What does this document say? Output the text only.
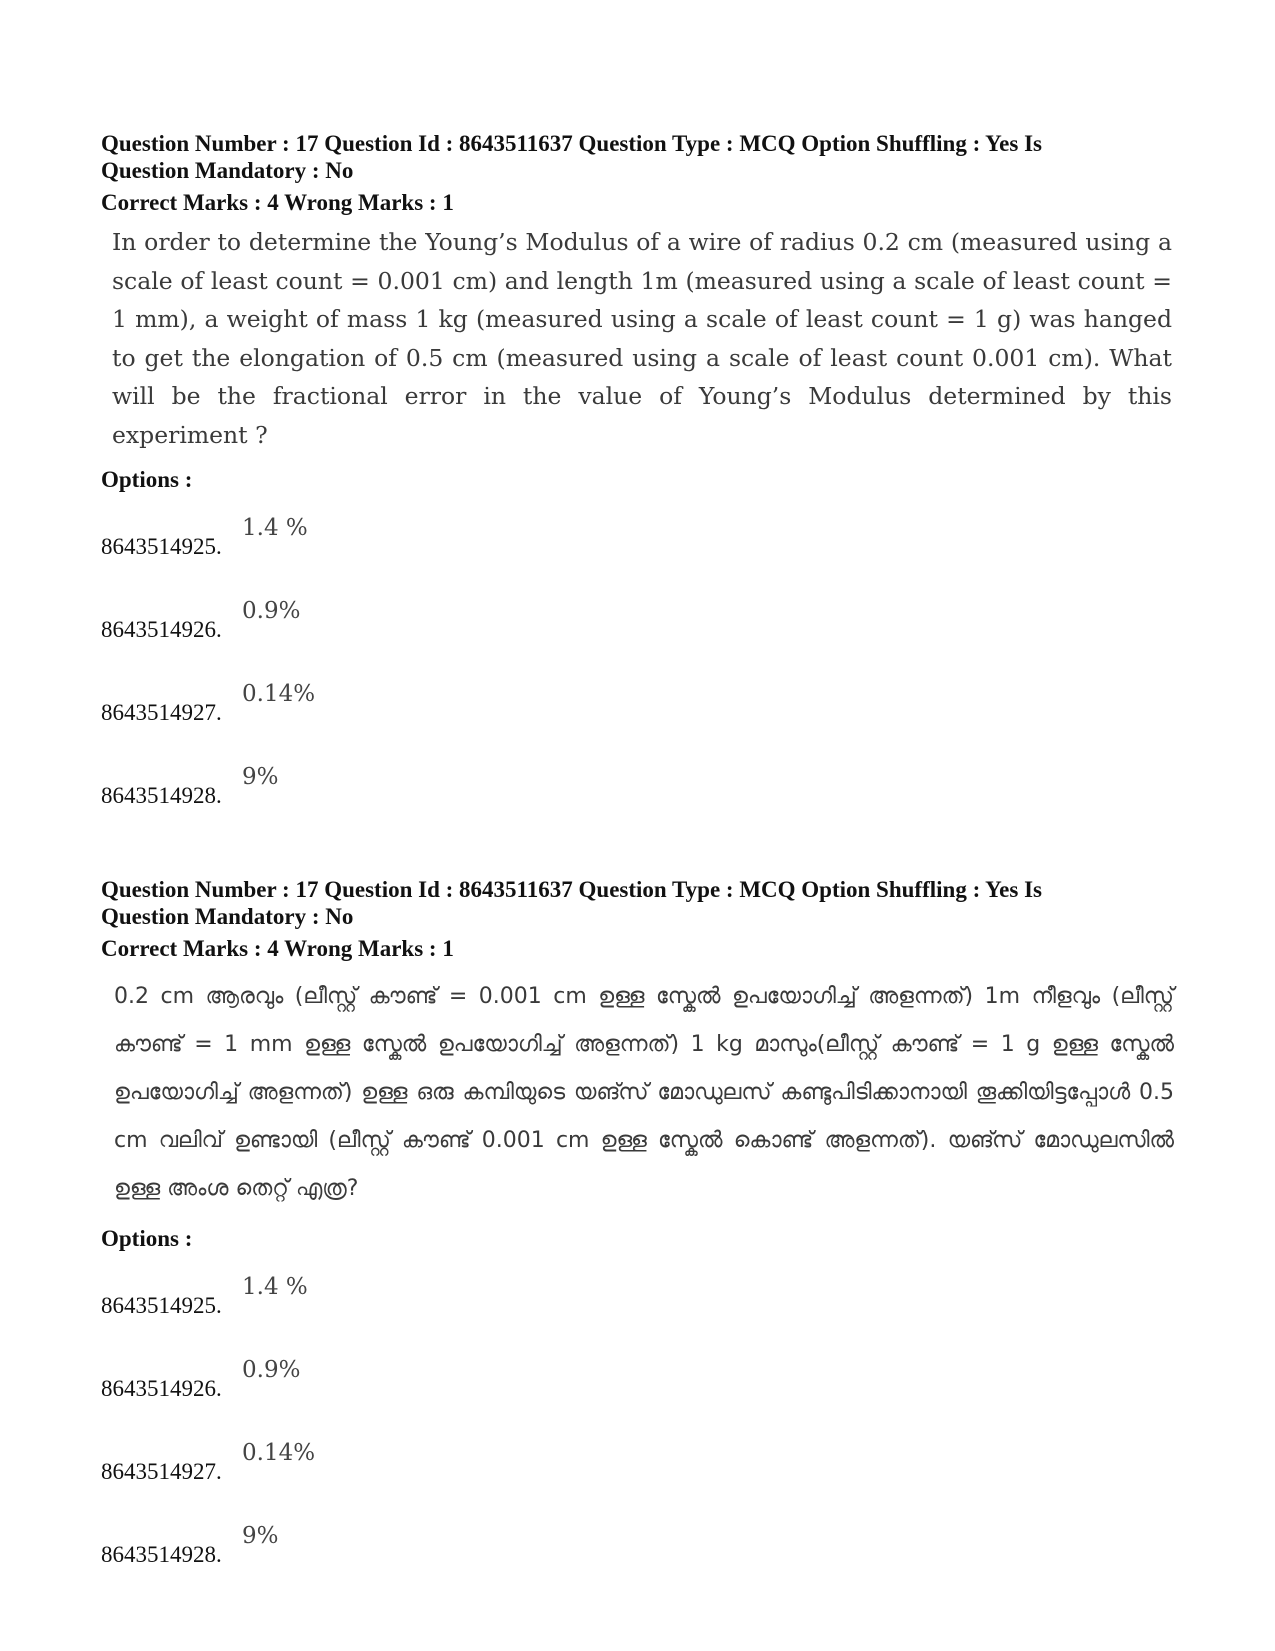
Question Number : 17 Question Id : 8643511637 Question Type : MCQ Option Shuffling : Yes Is
Question Mandatory : No
Correct Marks : 4 Wrong Marks : 1
In order to determine the Young’s Modulus of a wire of radius 0.2 cm (measured using a scale of least count = 0.001 cm) and length 1m (measured using a scale of least count = 1 mm), a weight of mass 1 kg (measured using a scale of least count = 1 g) was hanged to get the elongation of 0.5 cm (measured using a scale of least count 0.001 cm). What will be the fractional error in the value of Young’s Modulus determined by this experiment ?
Options :
8643514925.
1.4 %
8643514926.
0.9%
8643514927.
0.14%
8643514928.
9%
Question Number : 17 Question Id : 8643511637 Question Type : MCQ Option Shuffling : Yes Is
Question Mandatory : No
Correct Marks : 4 Wrong Marks : 1
0.2 cm ആരവും (ലീസ്റ്റ് കൗണ്ട് = 0.001 cm ഉള്ള സ്കേൽ ഉപയോഗിച്ച് അളന്നത്) 1m നീളവും (ലീസ്റ്റ് കൗണ്ട് = 1 mm ഉള്ള സ്കേൽ ഉപയോഗിച്ച് അളന്നത്) 1 kg മാസും(ലീസ്റ്റ് കൗണ്ട് = 1 g ഉള്ള സ്കേൽ ഉപയോഗിച്ച് അളന്നത്) ഉള്ള ഒരു കമ്പിയുടെ യങ്സ് മോഡുലസ് കണ്ടുപിടിക്കാനായി തൂക്കിയിട്ടപ്പോൾ 0.5 cm വലിവ് ഉണ്ടായി (ലീസ്റ്റ് കൗണ്ട് 0.001 cm ഉള്ള സ്കേൽ കൊണ്ട് അളന്നത്). യങ്സ് മോഡുലസിൽ ഉള്ള അംശ തെറ്റ് എത്ര?
Options :
8643514925.
1.4 %
8643514926.
0.9%
8643514927.
0.14%
8643514928.
9%
